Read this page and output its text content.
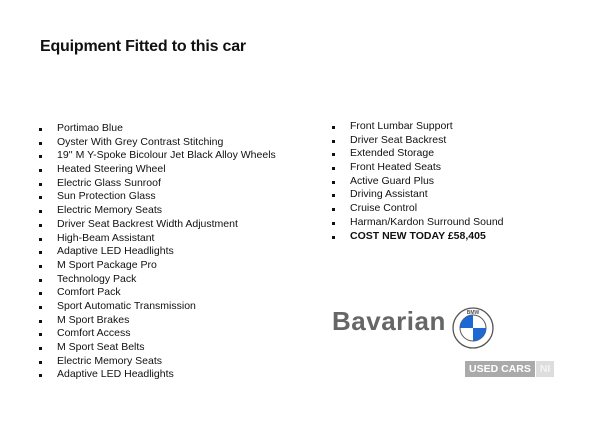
Equipment Fitted to this car
Portimao Blue
Oyster With Grey Contrast Stitching
19'' M Y-Spoke Bicolour Jet Black Alloy Wheels
Heated Steering Wheel
Electric Glass Sunroof
Sun Protection Glass
Electric Memory Seats
Driver Seat Backrest Width Adjustment
High-Beam Assistant
Adaptive LED Headlights
M Sport Package Pro
Technology Pack
Comfort Pack
Sport Automatic Transmission
M Sport Brakes
Comfort Access
M Sport Seat Belts
Electric Memory Seats
Adaptive LED Headlights
Front Lumbar Support
Driver Seat Backrest
Extended Storage
Front Heated Seats
Active Guard Plus
Driving Assistant
Cruise Control
Harman/Kardon Surround Sound
COST NEW TODAY £58,405
Bavarian	BMW
USED CARS NI
